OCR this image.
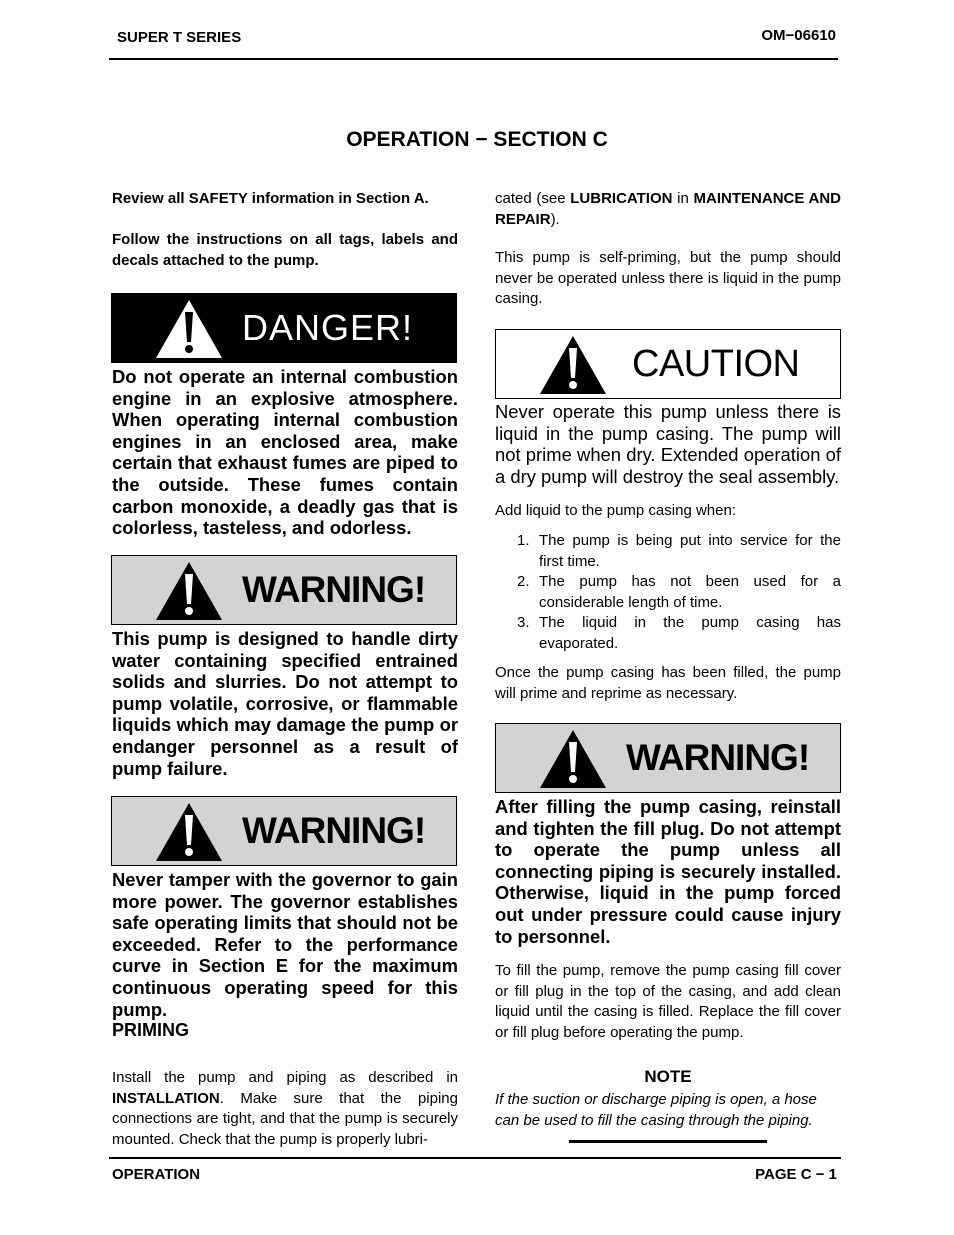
SUPER T SERIES	OM−06610
OPERATION − SECTION C
Review all SAFETY information in Section A.
Follow the instructions on all tags, labels and decals attached to the pump.
DANGER!
Do not operate an internal combustion engine in an explosive atmosphere. When operating internal combustion engines in an enclosed area, make certain that exhaust fumes are piped to the outside. These fumes contain carbon monoxide, a deadly gas that is colorless, tasteless, and odorless.
WARNING!
This pump is designed to handle dirty water containing specified entrained solids and slurries. Do not attempt to pump volatile, corrosive, or flammable liquids which may damage the pump or endanger personnel as a result of pump failure.
WARNING!
Never tamper with the governor to gain more power. The governor establishes safe operating limits that should not be exceeded. Refer to the performance curve in Section E for the maximum continuous operating speed for this pump.
PRIMING
Install the pump and piping as described in INSTALLATION. Make sure that the piping connections are tight, and that the pump is securely mounted. Check that the pump is properly lubri-
cated (see LUBRICATION in MAINTENANCE AND REPAIR).
This pump is self-priming, but the pump should never be operated unless there is liquid in the pump casing.
CAUTION
Never operate this pump unless there is liquid in the pump casing. The pump will not prime when dry. Extended operation of a dry pump will destroy the seal assembly.
Add liquid to the pump casing when:
1. The pump is being put into service for the first time.
2. The pump has not been used for a considerable length of time.
3. The liquid in the pump casing has evaporated.
Once the pump casing has been filled, the pump will prime and reprime as necessary.
WARNING!
After filling the pump casing, reinstall and tighten the fill plug. Do not attempt to operate the pump unless all connecting piping is securely installed. Otherwise, liquid in the pump forced out under pressure could cause injury to personnel.
To fill the pump, remove the pump casing fill cover or fill plug in the top of the casing, and add clean liquid until the casing is filled. Replace the fill cover or fill plug before operating the pump.
NOTE
If the suction or discharge piping is open, a hose can be used to fill the casing through the piping.
OPERATION	PAGE C − 1
